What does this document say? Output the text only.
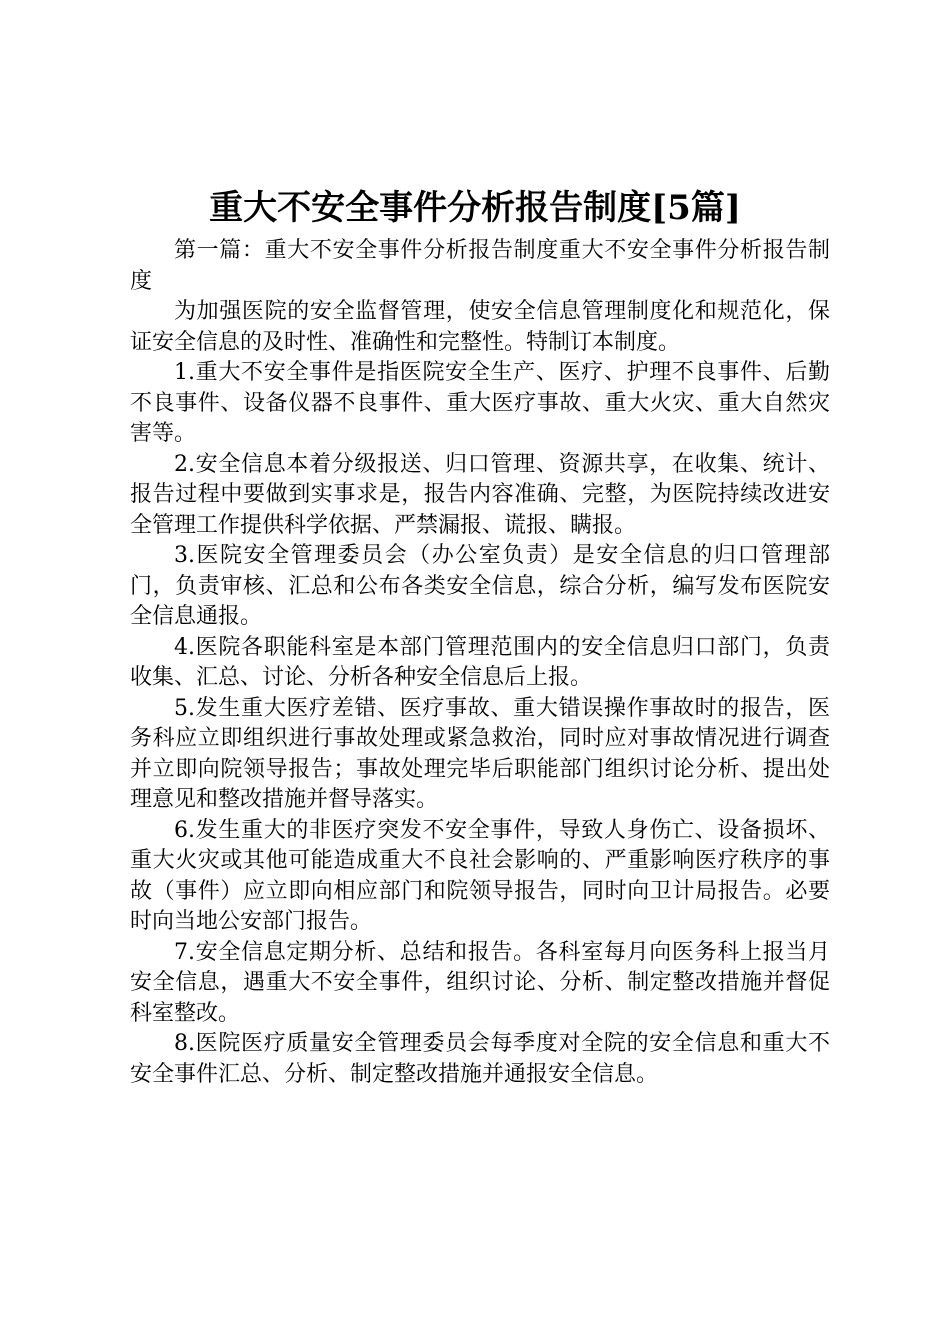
重大不安全事件分析报告制度[5篇]

第一篇：重大不安全事件分析报告制度重大不安全事件分析报告制度

为加强医院的安全监督管理，使安全信息管理制度化和规范化，保证安全信息的及时性、准确性和完整性。特制订本制度。

1.重大不安全事件是指医院安全生产、医疗、护理不良事件、后勤不良事件、设备仪器不良事件、重大医疗事故、重大火灾、重大自然灾害等。

2.安全信息本着分级报送、归口管理、资源共享，在收集、统计、报告过程中要做到实事求是，报告内容准确、完整，为医院持续改进安全管理工作提供科学依据、严禁漏报、谎报、瞒报。

3.医院安全管理委员会（办公室负责）是安全信息的归口管理部门，负责审核、汇总和公布各类安全信息，综合分析，编写发布医院安全信息通报。

4.医院各职能科室是本部门管理范围内的安全信息归口部门，负责收集、汇总、讨论、分析各种安全信息后上报。

5.发生重大医疗差错、医疗事故、重大错误操作事故时的报告，医务科应立即组织进行事故处理或紧急救治，同时应对事故情况进行调查并立即向院领导报告；事故处理完毕后职能部门组织讨论分析、提出处理意见和整改措施并督导落实。

6.发生重大的非医疗突发不安全事件，导致人身伤亡、设备损坏、重大火灾或其他可能造成重大不良社会影响的、严重影响医疗秩序的事故（事件）应立即向相应部门和院领导报告，同时向卫计局报告。必要时向当地公安部门报告。

7.安全信息定期分析、总结和报告。各科室每月向医务科上报当月安全信息，遇重大不安全事件，组织讨论、分析、制定整改措施并督促科室整改。

8.医院医疗质量安全管理委员会每季度对全院的安全信息和重大不安全事件汇总、分析、制定整改措施并通报安全信息。
